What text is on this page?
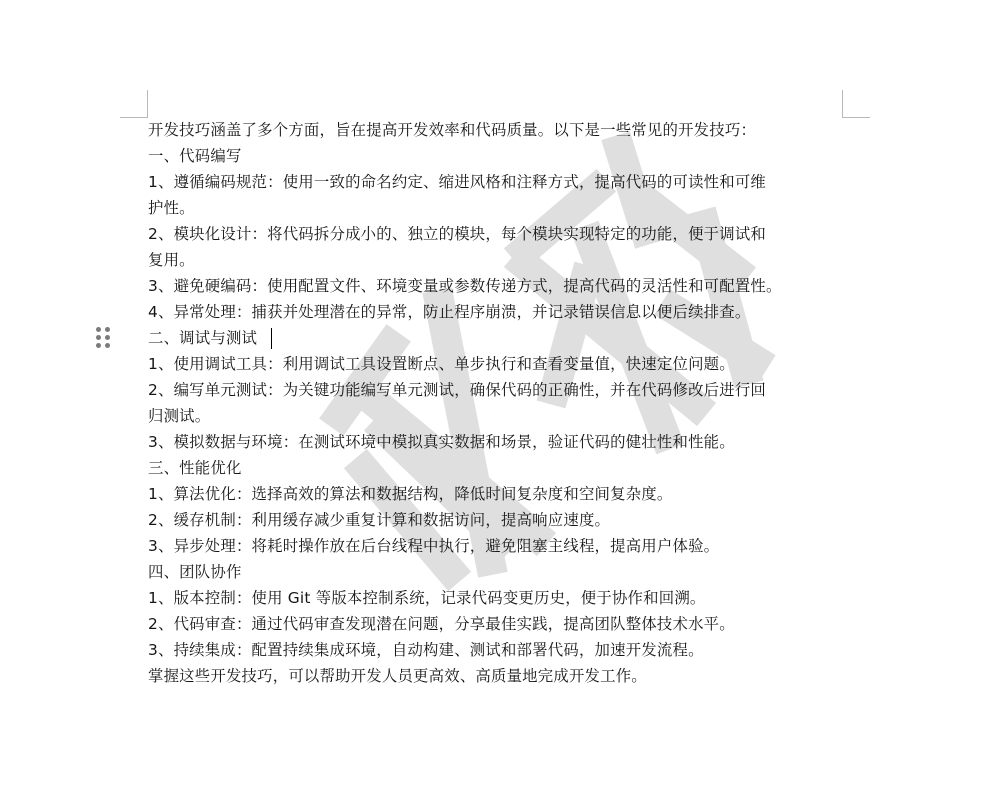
开发技巧涵盖了多个方面，旨在提高开发效率和代码质量。以下是一些常见的开发技巧：
一、代码编写
1、遵循编码规范：使用一致的命名约定、缩进风格和注释方式，提高代码的可读性和可维
护性。
2、模块化设计：将代码拆分成小的、独立的模块，每个模块实现特定的功能，便于调试和
复用。
3、避免硬编码：使用配置文件、环境变量或参数传递方式，提高代码的灵活性和可配置性。
4、异常处理：捕获并处理潜在的异常，防止程序崩溃，并记录错误信息以便后续排查。
二、调试与测试
1、使用调试工具：利用调试工具设置断点、单步执行和查看变量值，快速定位问题。
2、编写单元测试：为关键功能编写单元测试，确保代码的正确性，并在代码修改后进行回
归测试。
3、模拟数据与环境：在测试环境中模拟真实数据和场景，验证代码的健壮性和性能。
三、性能优化
1、算法优化：选择高效的算法和数据结构，降低时间复杂度和空间复杂度。
2、缓存机制：利用缓存减少重复计算和数据访问，提高响应速度。
3、异步处理：将耗时操作放在后台线程中执行，避免阻塞主线程，提高用户体验。
四、团队协作
1、版本控制：使用 Git 等版本控制系统，记录代码变更历史，便于协作和回溯。
2、代码审查：通过代码审查发现潜在问题，分享最佳实践，提高团队整体技术水平。
3、持续集成：配置持续集成环境，自动构建、测试和部署代码，加速开发流程。
掌握这些开发技巧，可以帮助开发人员更高效、高质量地完成开发工作。
